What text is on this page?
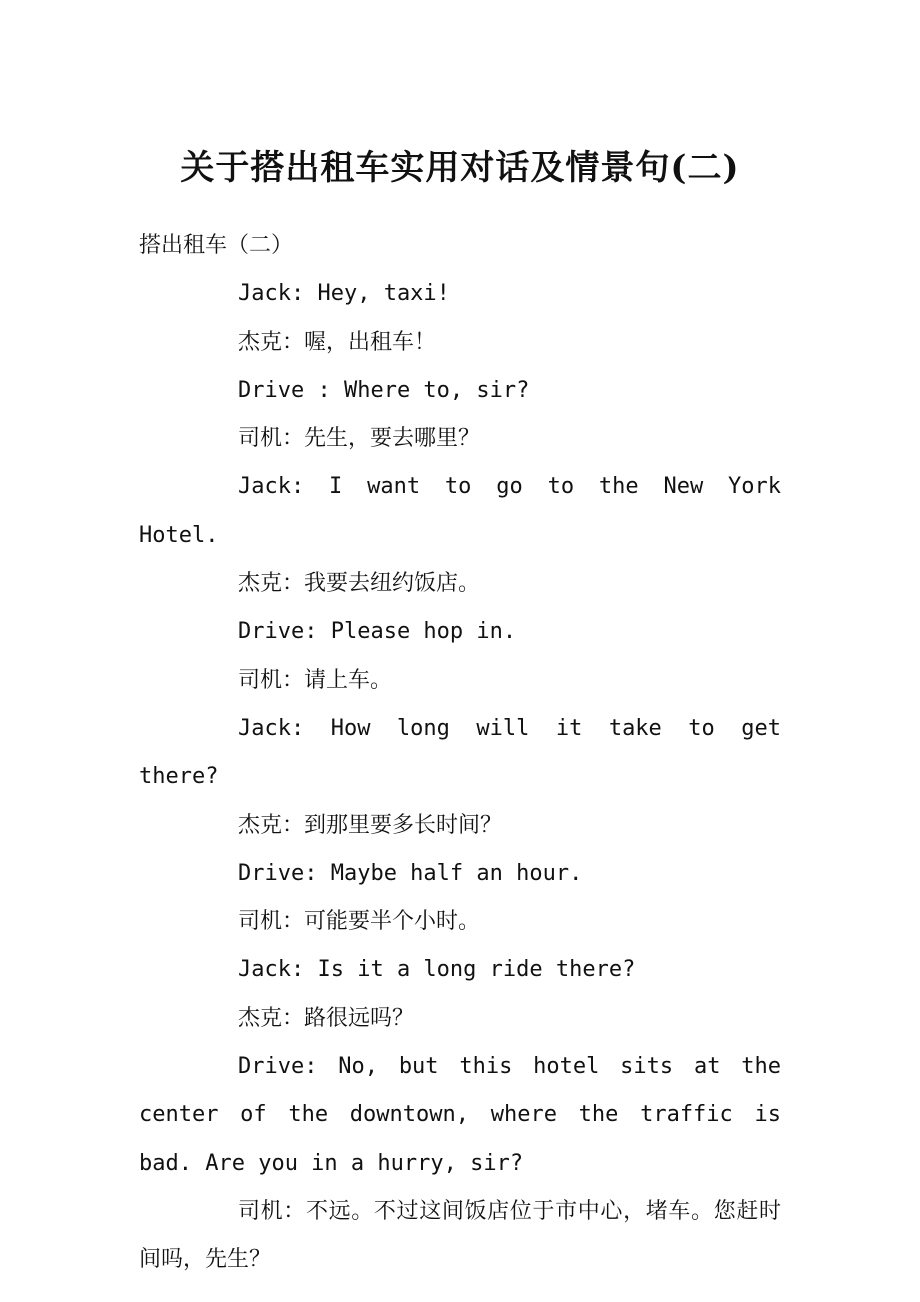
关于搭出租车实用对话及情景句(二)

搭出租车（二）

Jack: Hey, taxi!

杰克：喔，出租车！

Drive : Where to, sir?

司机：先生，要去哪里？

Jack: I want to go to the New York Hotel.

杰克：我要去纽约饭店。

Drive: Please hop in.

司机：请上车。

Jack: How long will it take to get there?

杰克：到那里要多长时间？

Drive: Maybe half an hour.

司机：可能要半个小时。

Jack: Is it a long ride there?

杰克：路很远吗？

Drive: No, but this hotel sits at the center of the downtown, where the traffic is bad. Are you in a hurry, sir?

司机：不远。不过这间饭店位于市中心，堵车。您赶时间吗，先生？
